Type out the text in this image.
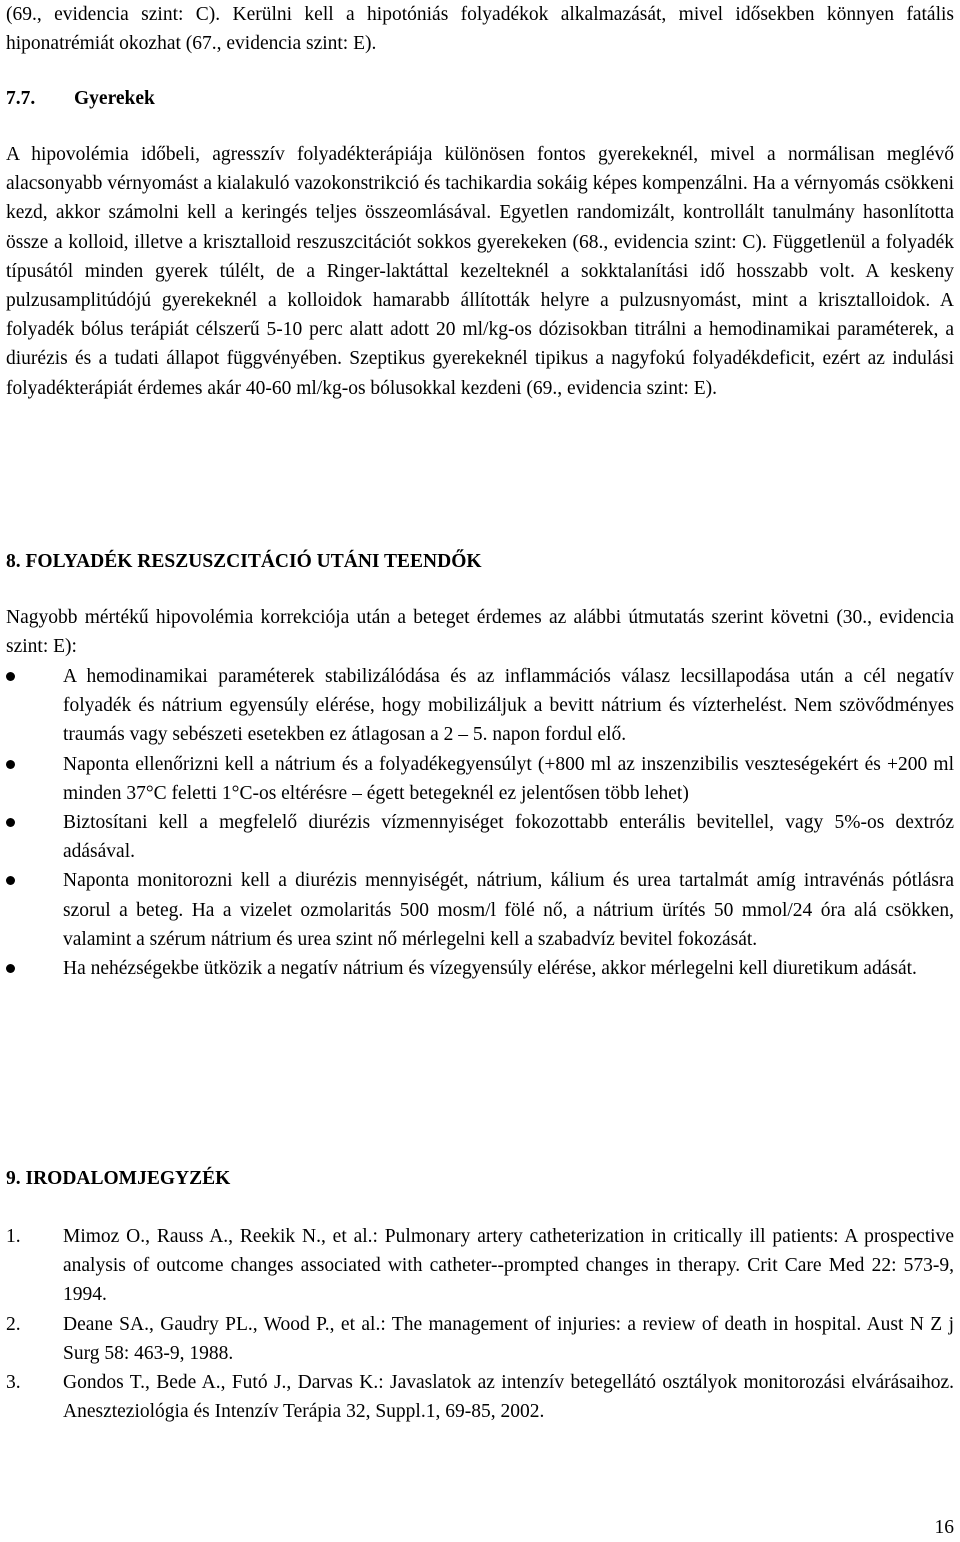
(69., evidencia szint: C). Kerülni kell a hipotóniás folyadékok alkalmazását, mivel idősekben könnyen fatális hiponatrémiát okozhat (67., evidencia szint: E).

7.7. Gyerekek

A hipovolémia időbeli, agresszív folyadékterápiája különösen fontos gyerekeknél, mivel a normálisan meglévő alacsonyabb vérnyomást a kialakuló vazokonstrikció és tachikardia sokáig képes kompenzálni. Ha a vérnyomás csökkeni kezd, akkor számolni kell a keringés teljes összeomlásával. Egyetlen randomizált, kontrollált tanulmány hasonlította össze a kolloid, illetve a krisztalloid reszuszcitációt sokkos gyerekeken (68., evidencia szint: C). Függetlenül a folyadék típusától minden gyerek túlélt, de a Ringer-laktáttal kezelteknél a sokktalanítási idő hosszabb volt. A keskeny pulzusamplitúdójú gyerekeknél a kolloidok hamarabb állították helyre a pulzusnyomást, mint a krisztalloidok. A folyadék bólus terápiát célszerű 5-10 perc alatt adott 20 ml/kg-os dózisokban titrálni a hemodinamikai paraméterek, a diurézis és a tudati állapot függvényében. Szeptikus gyerekeknél tipikus a nagyfokú folyadékdeficit, ezért az indulási folyadékterápiát érdemes akár 40-60 ml/kg-os bólusokkal kezdeni (69., evidencia szint: E).

8. FOLYADÉK RESZUSZCITÁCIÓ UTÁNI TEENDŐK

Nagyobb mértékű hipovolémia korrekciója után a beteget érdemes az alábbi útmutatás szerint követni (30., evidencia szint: E):

A hemodinamikai paraméterek stabilizálódása és az inflammációs válasz lecsillapodása után a cél negatív folyadék és nátrium egyensúly elérése, hogy mobilizáljuk a bevitt nátrium és vízterhelést. Nem szövődményes traumás vagy sebészeti esetekben ez átlagosan a 2 – 5. napon fordul elő.
Naponta ellenőrizni kell a nátrium és a folyadékegyensúlyt (+800 ml az inszenzibilis veszteségekért és +200 ml minden 37°C feletti 1°C-os eltérésre – égett betegeknél ez jelentősen több lehet)
Biztosítani kell a megfelelő diurézis vízmennyiséget fokozottabb enterális bevitellel, vagy 5%-os dextróz adásával.
Naponta monitorozni kell a diurézis mennyiségét, nátrium, kálium és urea tartalmát amíg intravénás pótlásra szorul a beteg. Ha a vizelet ozmolaritás 500 mosm/l fölé nő, a nátrium ürítés 50 mmol/24 óra alá csökken, valamint a szérum nátrium és urea szint nő mérlegelni kell a szabadvíz bevitel fokozását.
Ha nehézségekbe ütközik a negatív nátrium és vízegyensúly elérése, akkor mérlegelni kell diuretikum adását.
9. IRODALOMJEGYZÉK
1. Mimoz O., Rauss A., Reekik N., et al.: Pulmonary artery catheterization in critically ill patients: A prospective analysis of outcome changes associated with catheter--prompted changes in therapy. Crit Care Med 22: 573-9, 1994.
2. Deane SA., Gaudry PL., Wood P., et al.: The management of injuries: a review of death in hospital. Aust N Z j Surg 58: 463-9, 1988.
3. Gondos T., Bede A., Futó J., Darvas K.: Javaslatok az intenzív betegellátó osztályok monitorozási elvárásaihoz. Aneszteziológia és Intenzív Terápia 32, Suppl.1, 69-85, 2002.
16
